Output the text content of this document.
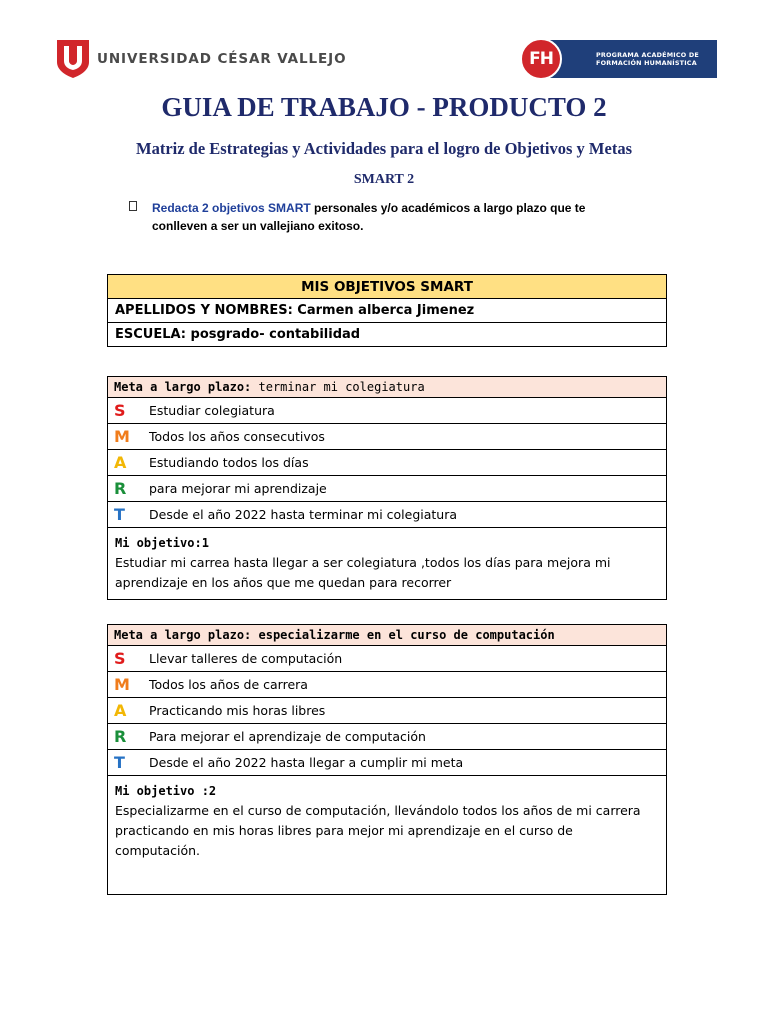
UNIVERSIDAD CÉSAR VALLEJO	FH	PROGRAMA ACADÉMICO DE
FORMACIÓN HUMANÍSTICA
GUIA DE TRABAJO - PRODUCTO 2
Matriz de Estrategias y Actividades para el logro de Objetivos y Metas
SMART 2
Redacta 2 objetivos SMART personales y/o académicos a largo plazo que te conlleven a ser un vallejiano exitoso.
MIS OBJETIVOS SMART
APELLIDOS Y NOMBRES: Carmen alberca Jimenez
ESCUELA: posgrado- contabilidad
Meta a largo plazo: terminar mi colegiatura	
S	Estudiar colegiatura
M	Todos los años consecutivos
A	Estudiando todos los días
R	para mejorar mi aprendizaje
T	Desde el año 2022 hasta terminar mi colegiatura

Mi objetivo:1
Estudiar mi carrea hasta llegar a ser colegiatura ,todos los días para mejora mi aprendizaje en los años que me quedan para recorrer	
Meta a largo plazo: especializarme en el curso de computación	
S	Llevar talleres de computación
M	Todos los años de carrera
A	Practicando mis horas libres
R	Para mejorar el aprendizaje de computación
T	Desde el año 2022 hasta llegar a cumplir mi meta

Mi objetivo :2
Especializarme en el curso de computación, llevándolo todos los años de mi carrera practicando en mis horas libres para mejor mi aprendizaje en el curso de computación.	
